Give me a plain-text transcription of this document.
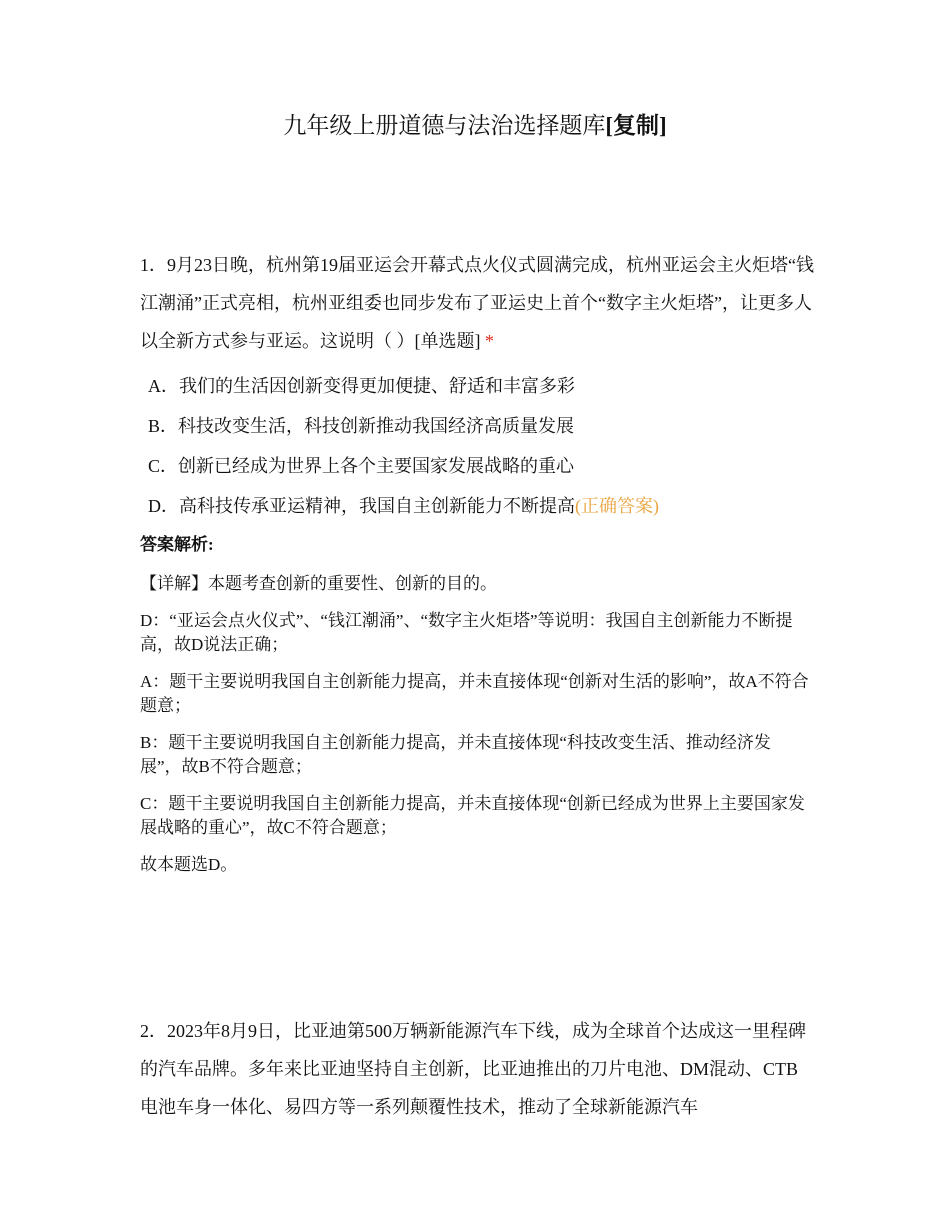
九年级上册道德与法治选择题库[复制]
1．9月23日晚，杭州第19届亚运会开幕式点火仪式圆满完成，杭州亚运会主火炬塔“钱江潮涌”正式亮相，杭州亚组委也同步发布了亚运史上首个“数字主火炬塔”，让更多人以全新方式参与亚运。这说明（ ）[单选题] *
A．我们的生活因创新变得更加便捷、舒适和丰富多彩
B．科技改变生活，科技创新推动我国经济高质量发展
C．创新已经成为世界上各个主要国家发展战略的重心
D．高科技传承亚运精神，我国自主创新能力不断提高(正确答案)
答案解析:

【详解】本题考查创新的重要性、创新的目的。

D：“亚运会点火仪式”、“钱江潮涌”、“数字主火炬塔”等说明：我国自主创新能力不断提高，故D说法正确；

A：题干主要说明我国自主创新能力提高，并未直接体现“创新对生活的影响”，故A不符合题意；

B：题干主要说明我国自主创新能力提高，并未直接体现“科技改变生活、推动经济发展”，故B不符合题意；

C：题干主要说明我国自主创新能力提高，并未直接体现“创新已经成为世界上主要国家发展战略的重心”，故C不符合题意；

故本题选D。

2．2023年8月9日，比亚迪第500万辆新能源汽车下线，成为全球首个达成这一里程碑的汽车品牌。多年来比亚迪坚持自主创新，比亚迪推出的刀片电池、DM混动、CTB电池车身一体化、易四方等一系列颠覆性技术，推动了全球新能源汽车
